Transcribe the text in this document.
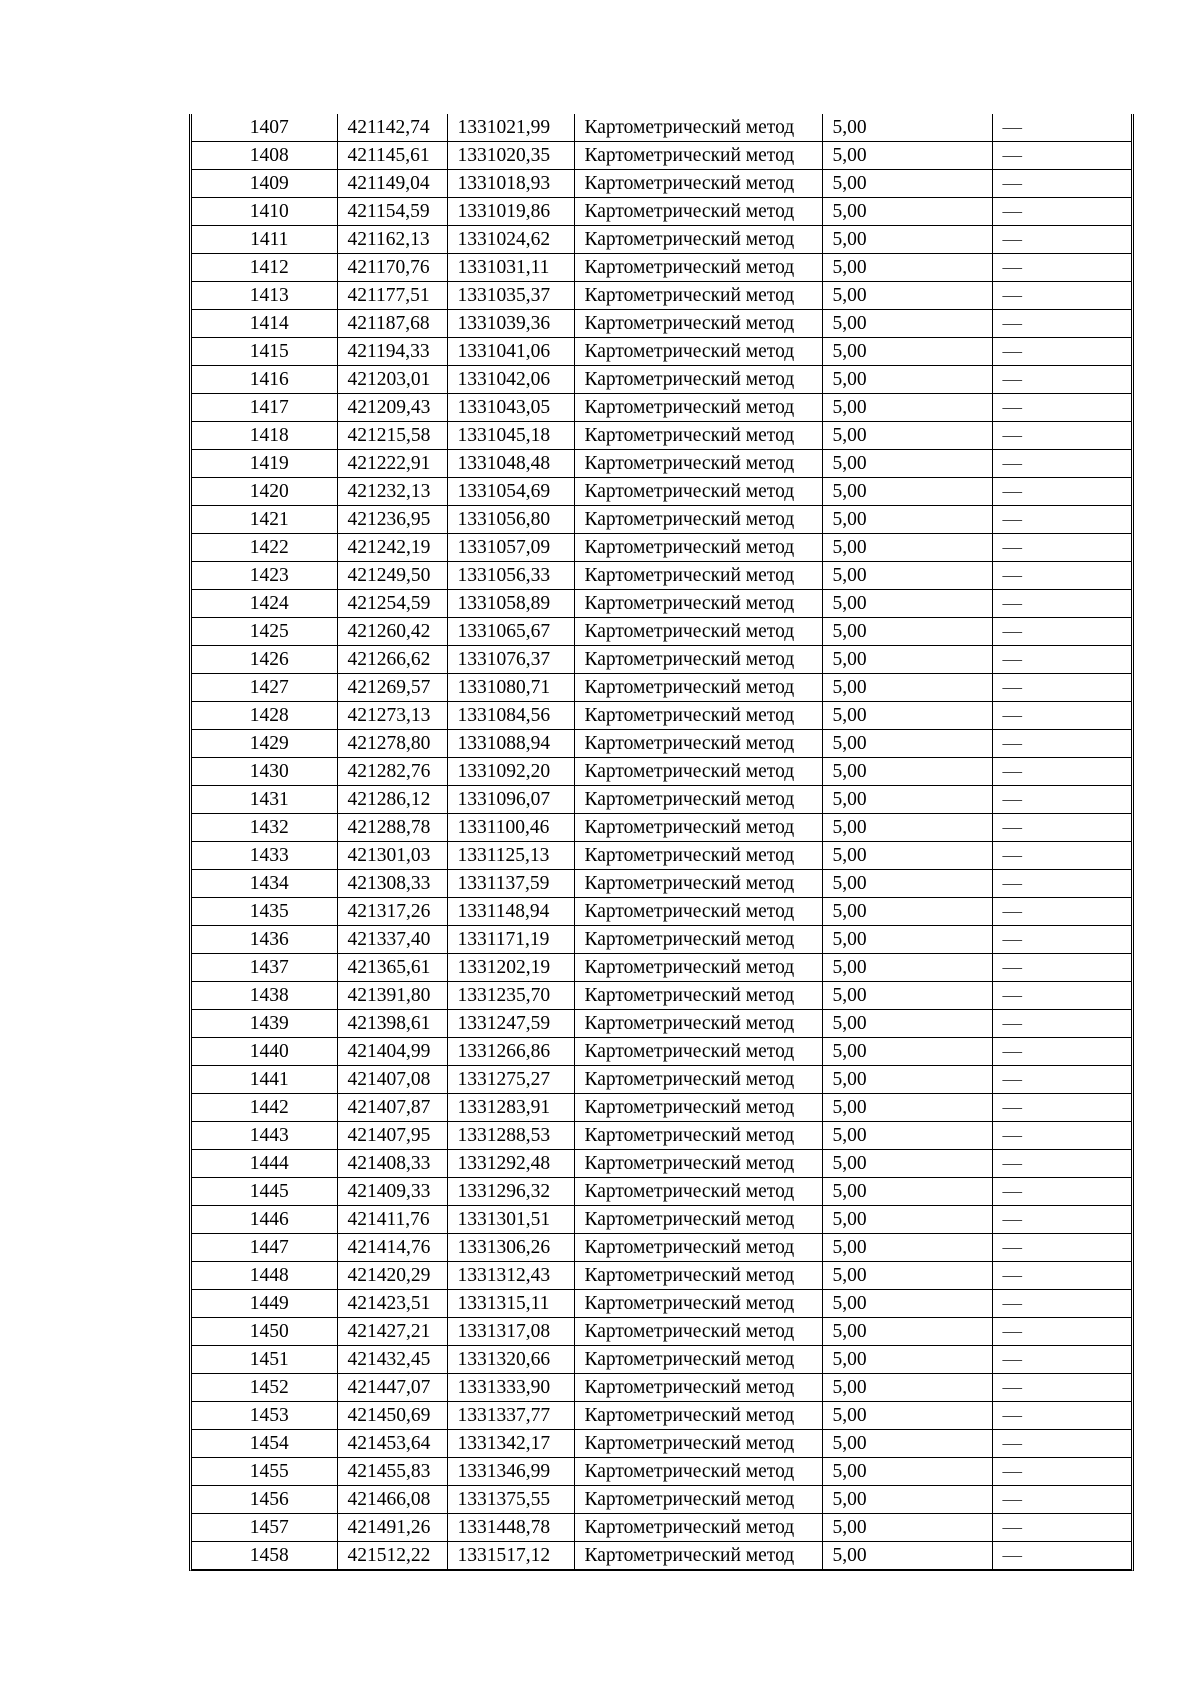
1407	421142,74	1331021,99	Картометрический метод	5,00	—
1408	421145,61	1331020,35	Картометрический метод	5,00	—
1409	421149,04	1331018,93	Картометрический метод	5,00	—
1410	421154,59	1331019,86	Картометрический метод	5,00	—
1411	421162,13	1331024,62	Картометрический метод	5,00	—
1412	421170,76	1331031,11	Картометрический метод	5,00	—
1413	421177,51	1331035,37	Картометрический метод	5,00	—
1414	421187,68	1331039,36	Картометрический метод	5,00	—
1415	421194,33	1331041,06	Картометрический метод	5,00	—
1416	421203,01	1331042,06	Картометрический метод	5,00	—
1417	421209,43	1331043,05	Картометрический метод	5,00	—
1418	421215,58	1331045,18	Картометрический метод	5,00	—
1419	421222,91	1331048,48	Картометрический метод	5,00	—
1420	421232,13	1331054,69	Картометрический метод	5,00	—
1421	421236,95	1331056,80	Картометрический метод	5,00	—
1422	421242,19	1331057,09	Картометрический метод	5,00	—
1423	421249,50	1331056,33	Картометрический метод	5,00	—
1424	421254,59	1331058,89	Картометрический метод	5,00	—
1425	421260,42	1331065,67	Картометрический метод	5,00	—
1426	421266,62	1331076,37	Картометрический метод	5,00	—
1427	421269,57	1331080,71	Картометрический метод	5,00	—
1428	421273,13	1331084,56	Картометрический метод	5,00	—
1429	421278,80	1331088,94	Картометрический метод	5,00	—
1430	421282,76	1331092,20	Картометрический метод	5,00	—
1431	421286,12	1331096,07	Картометрический метод	5,00	—
1432	421288,78	1331100,46	Картометрический метод	5,00	—
1433	421301,03	1331125,13	Картометрический метод	5,00	—
1434	421308,33	1331137,59	Картометрический метод	5,00	—
1435	421317,26	1331148,94	Картометрический метод	5,00	—
1436	421337,40	1331171,19	Картометрический метод	5,00	—
1437	421365,61	1331202,19	Картометрический метод	5,00	—
1438	421391,80	1331235,70	Картометрический метод	5,00	—
1439	421398,61	1331247,59	Картометрический метод	5,00	—
1440	421404,99	1331266,86	Картометрический метод	5,00	—
1441	421407,08	1331275,27	Картометрический метод	5,00	—
1442	421407,87	1331283,91	Картометрический метод	5,00	—
1443	421407,95	1331288,53	Картометрический метод	5,00	—
1444	421408,33	1331292,48	Картометрический метод	5,00	—
1445	421409,33	1331296,32	Картометрический метод	5,00	—
1446	421411,76	1331301,51	Картометрический метод	5,00	—
1447	421414,76	1331306,26	Картометрический метод	5,00	—
1448	421420,29	1331312,43	Картометрический метод	5,00	—
1449	421423,51	1331315,11	Картометрический метод	5,00	—
1450	421427,21	1331317,08	Картометрический метод	5,00	—
1451	421432,45	1331320,66	Картометрический метод	5,00	—
1452	421447,07	1331333,90	Картометрический метод	5,00	—
1453	421450,69	1331337,77	Картометрический метод	5,00	—
1454	421453,64	1331342,17	Картометрический метод	5,00	—
1455	421455,83	1331346,99	Картометрический метод	5,00	—
1456	421466,08	1331375,55	Картометрический метод	5,00	—
1457	421491,26	1331448,78	Картометрический метод	5,00	—
1458	421512,22	1331517,12	Картометрический метод	5,00	—
